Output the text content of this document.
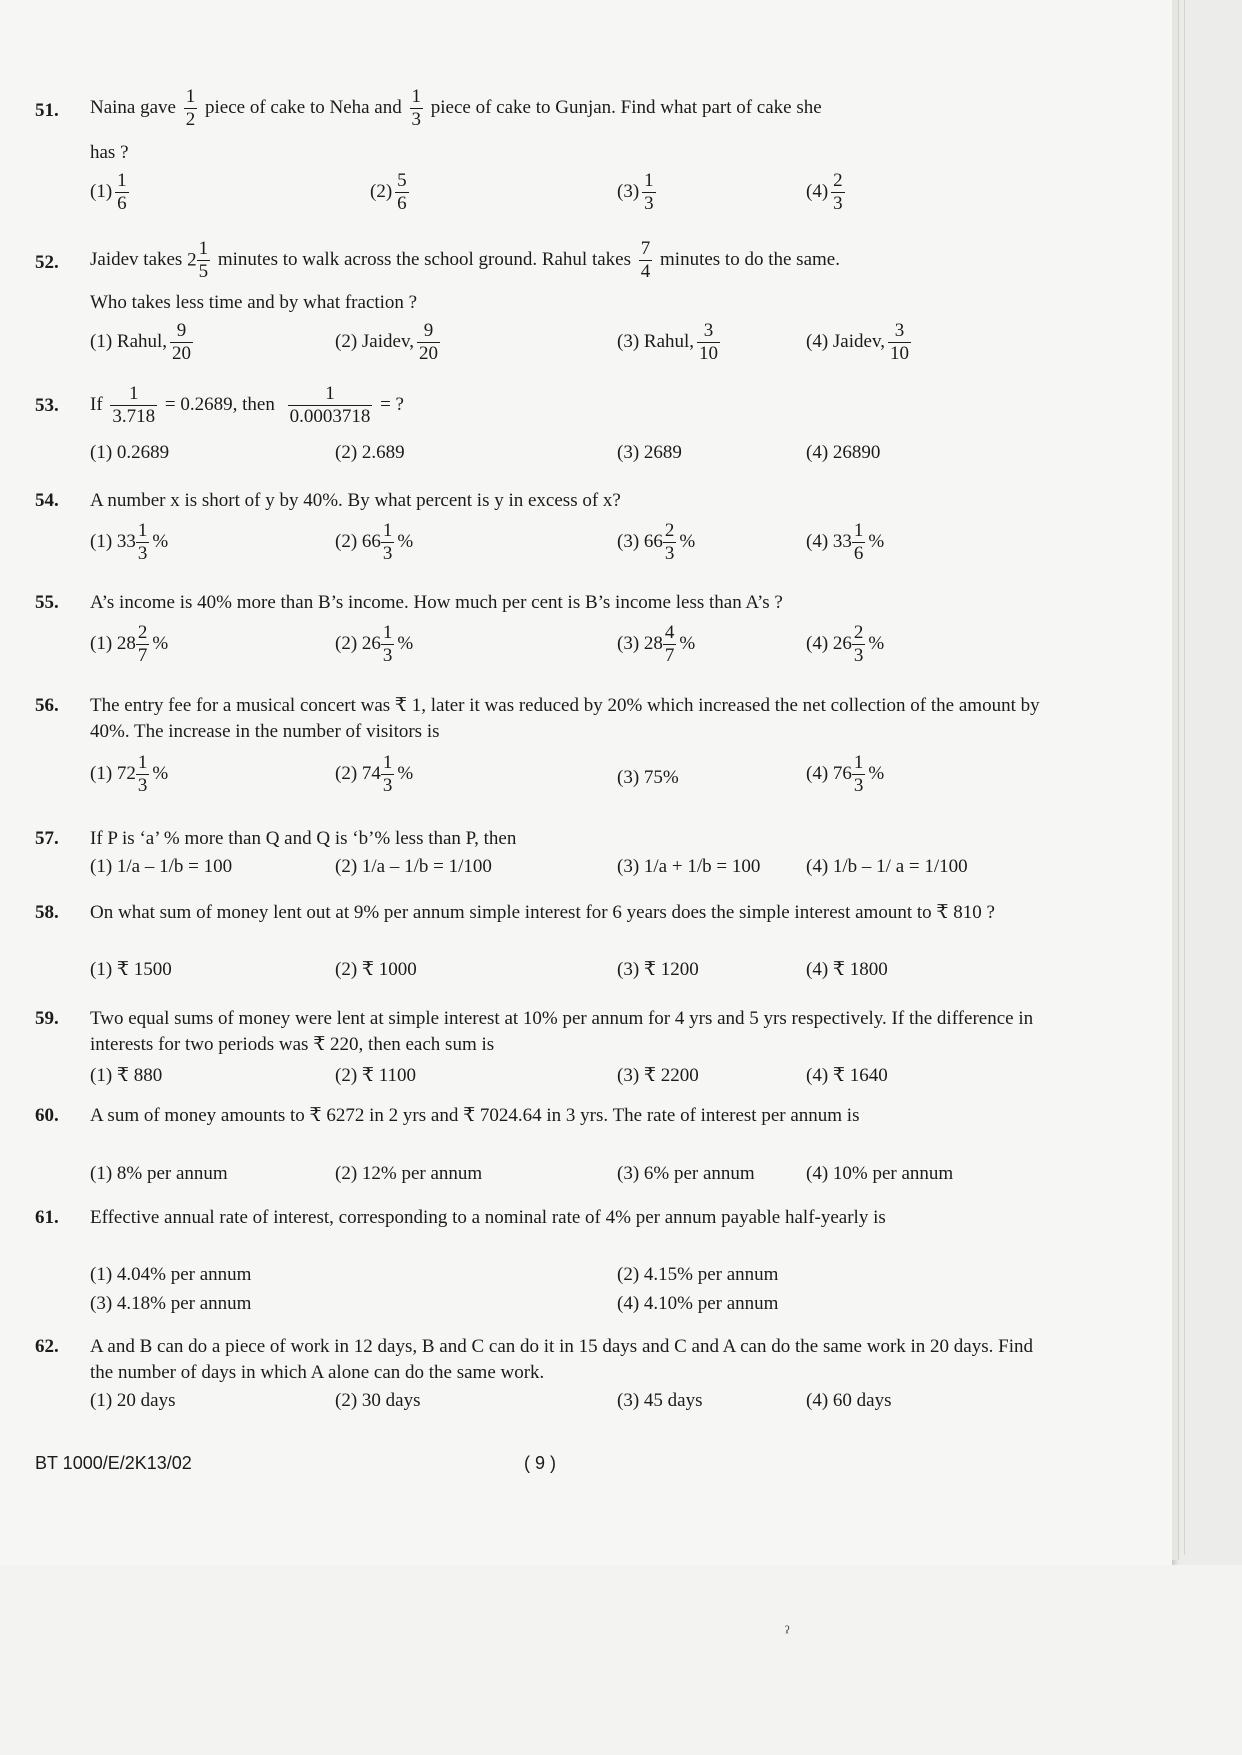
51. Naina gave $\frac{1}{2}$ piece of cake to Neha and $\frac{1}{3}$ piece of cake to Gunjan. Find what part of cake she
has ?
$(1) \frac{1}{6}$	$(2) \frac{5}{6}$	$(3) \frac{1}{3}$	$(4) \frac{2}{3}$
52. Jaidev takes $2 \frac{1}{5}$ minutes to walk across the school ground. Rahul takes $\frac{7}{4}$ minutes to do the same.
Who takes less time and by what fraction ?
(1) Rahul, $\frac{9}{20}$	(2) Jaidev, $\frac{9}{20}$	(3) Rahul, $\frac{3}{10}$	(4) Jaidev, $\frac{3}{10}$
53. If $\frac{1}{3.718} = 0.2689$, then $\frac{1}{0.0003718}$ = ?
(1) 0.2689	(2) 2.689	(3) 2689	(4) 26890
54. A number x is short of y by 40%. By what percent is y in excess of x?
(1) $33 \frac{1}{3}$ %	(2) $66 \frac{1}{3}$ %	(3) $66 \frac{2}{3}$ %	(4) $33 \frac{1}{6}$ %
55. A’s income is 40% more than B’s income. How much per cent is B’s income less than A’s ?
(1) $28 \frac{2}{7}$ %	(2) $26 \frac{1}{3}$ %	(3) $28 \frac{4}{7}$ %	(4) $26 \frac{2}{3}$ %
56. The entry fee for a musical concert was ₹ 1, later it was reduced by 20% which increased the net collection of the amount by 40%. The increase in the number of visitors is
(1) $72 \frac{1}{3}$ %	(2) $74 \frac{1}{3}$ %	(3) 75%	(4) $76 \frac{1}{3}$ %
57. If P is ‘a’ % more than Q and Q is ‘b’% less than P, then
(1) 1/a – 1/b = 100	(2) 1/a – 1/b = 1/100	(3) 1/a + 1/b = 100 (4) 1/b – 1/ a = 1/100
58. On what sum of money lent out at 9% per annum simple interest for 6 years does the simple interest amount to ₹ 810 ?
(1) ₹ 1500	(2) ₹ 1000	(3) ₹ 1200	(4) ₹ 1800
59. Two equal sums of money were lent at simple interest at 10% per annum for 4 yrs and 5 yrs respectively. If the difference in interests for two periods was ₹ 220, then each sum is
(1) ₹ 880	(2) ₹ 1100	(3) ₹ 2200	(4) ₹ 1640
60. A sum of money amounts to ₹ 6272 in 2 yrs and ₹ 7024.64 in 3 yrs. The rate of interest per annum is
(1) 8% per annum	(2) 12% per annum	(3) 6% per annum	(4) 10% per annum
61. Effective annual rate of interest, corresponding to a nominal rate of 4% per annum payable half-yearly is
(1) 4.04% per annum	(2) 4.15% per annum
(3) 4.18% per annum	(4) 4.10% per annum
62. A and B can do a piece of work in 12 days, B and C can do it in 15 days and C and A can do the same work in 20 days. Find the number of days in which A alone can do the same work.
(1) 20 days	(2) 30 days	(3) 45 days	(4) 60 days
BT 1000/E/2K13/02	( 9 )
ˀ
